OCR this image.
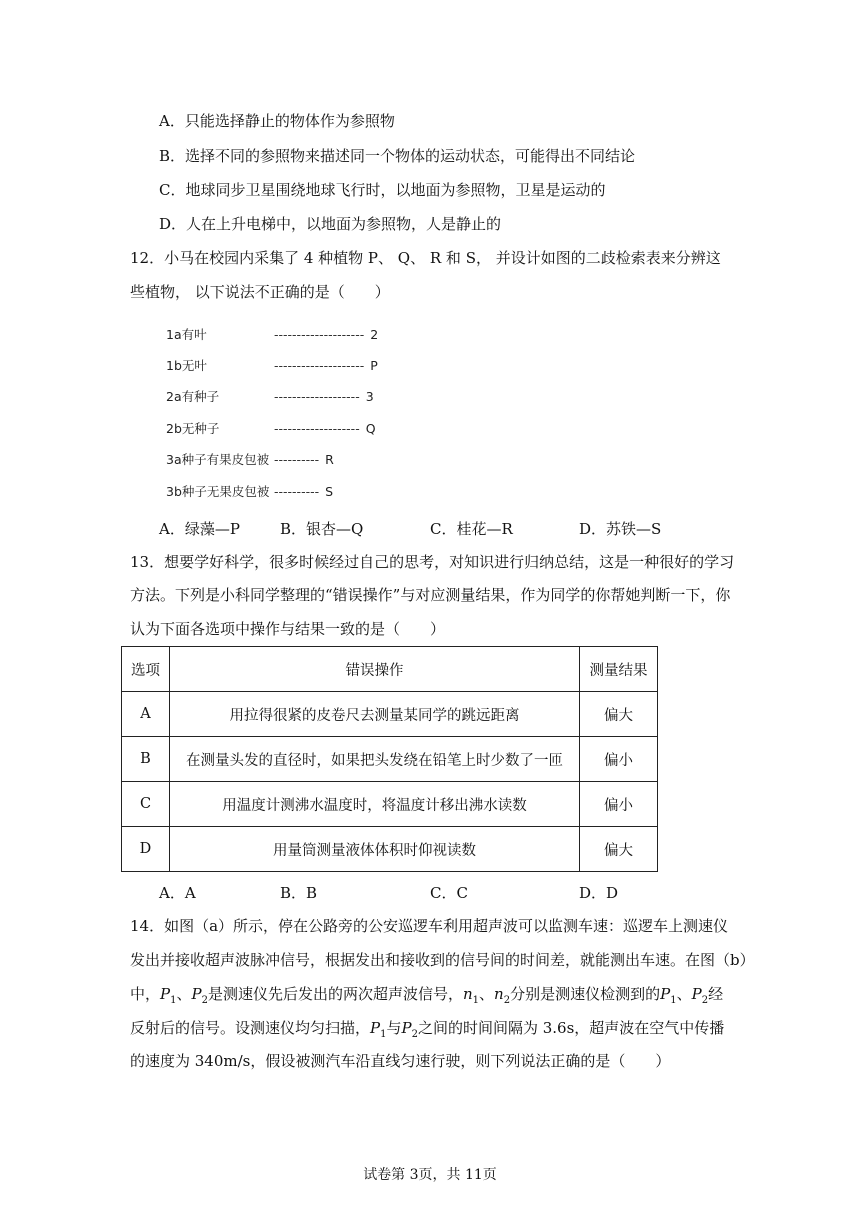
A．只能选择静止的物体作为参照物
B．选择不同的参照物来描述同一个物体的运动状态，可能得出不同结论
C．地球同步卫星围绕地球飞行时，以地面为参照物，卫星是运动的
D．人在上升电梯中，以地面为参照物，人是静止的
12．小马在校园内采集了 4 种植物 P、 Q、 R 和 S， 并设计如图的二歧检索表来分辨这
些植物， 以下说法不正确的是（　　）
1a有叶	-------------------- 2
1b无叶	-------------------- P
2a有种子	------------------- 3
2b无种子	------------------- Q
3a种子有果皮包被 ---------- R
3b种子无果皮包被 ---------- S
A．绿藻—P	B．银杏—Q	C．桂花—R	D．苏铁—S
13．想要学好科学，很多时候经过自己的思考，对知识进行归纳总结，这是一种很好的学习
方法。下列是小科同学整理的“错误操作”与对应测量结果，作为同学的你帮她判断一下，你
认为下面各选项中操作与结果一致的是（　　）
选项	错误操作	测量结果
A	用拉得很紧的皮卷尺去测量某同学的跳远距离	偏大
B	在测量头发的直径时，如果把头发绕在铅笔上时少数了一匝	偏小
C	用温度计测沸水温度时，将温度计移出沸水读数	偏小
D	用量筒测量液体体积时仰视读数	偏大
A．A	B．B	C．C	D．D
14．如图（a）所示，停在公路旁的公安巡逻车利用超声波可以监测车速：巡逻车上测速仪
发出并接收超声波脉冲信号，根据发出和接收到的信号间的时间差，就能测出车速。在图（b）
中，$P_1$、$P_2$是测速仪先后发出的两次超声波信号，$n_1$、$n_2$分别是测速仪检测到的$P_1$、$P_2$经
反射后的信号。设测速仪均匀扫描，$P_1$与$P_2$之间的时间间隔为 3.6s，超声波在空气中传播
的速度为 340m/s，假设被测汽车沿直线匀速行驶，则下列说法正确的是（　　）
试卷第 3页，共 11页
